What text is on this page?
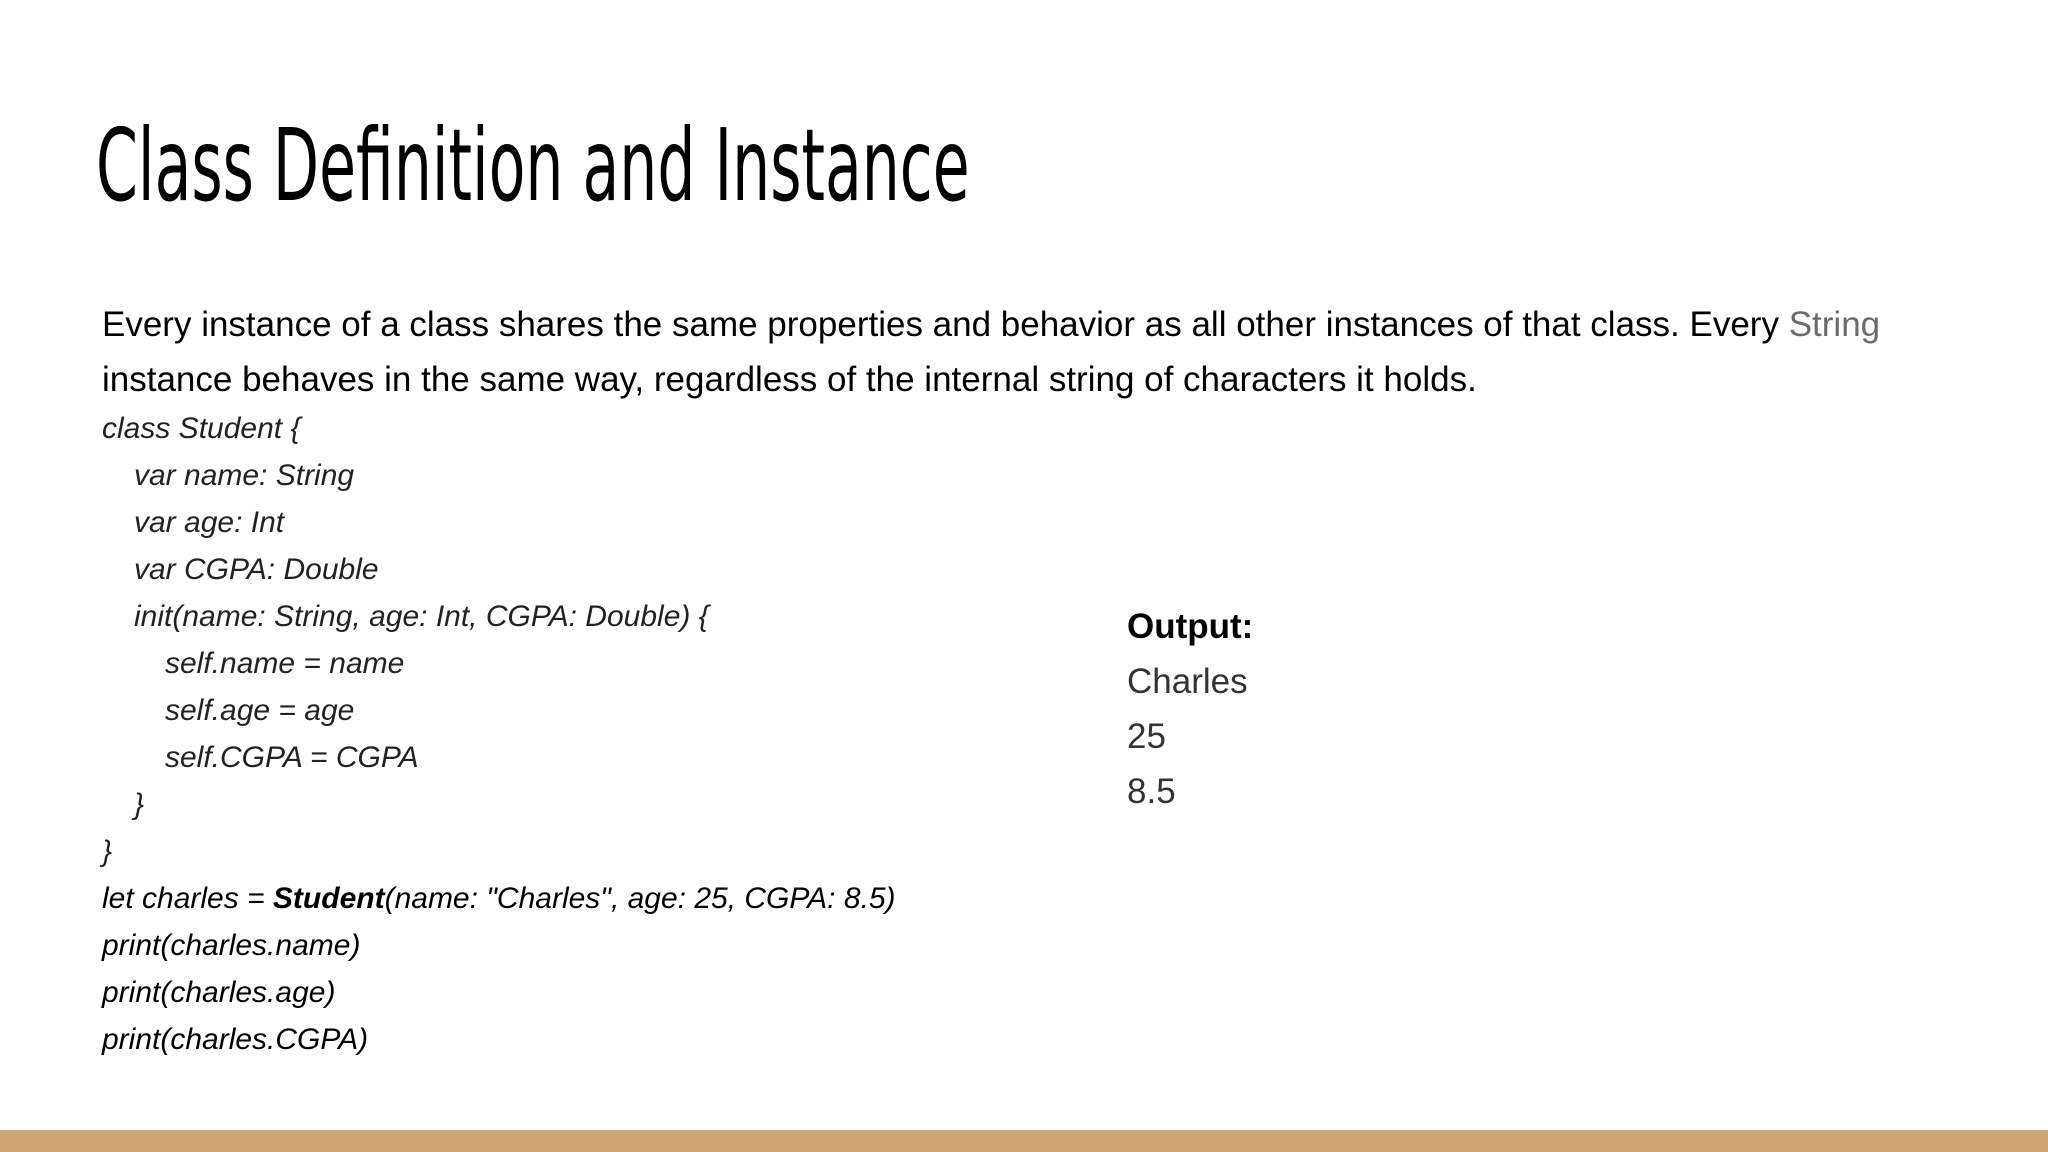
Class Definition and Instance

Every instance of a class shares the same properties and behavior as all other instances of that class. Every String instance behaves in the same way, regardless of the internal string of characters it holds.

class Student {
var name: String
var age: Int
var CGPA: Double
init(name: String, age: Int, CGPA: Double) {
self.name = name
self.age = age
self.CGPA = CGPA
}
}
let charles = Student(name: "Charles", age: 25, CGPA: 8.5)
print(charles.name)
print(charles.age)
print(charles.CGPA)
Output:
Charles
25
8.5
